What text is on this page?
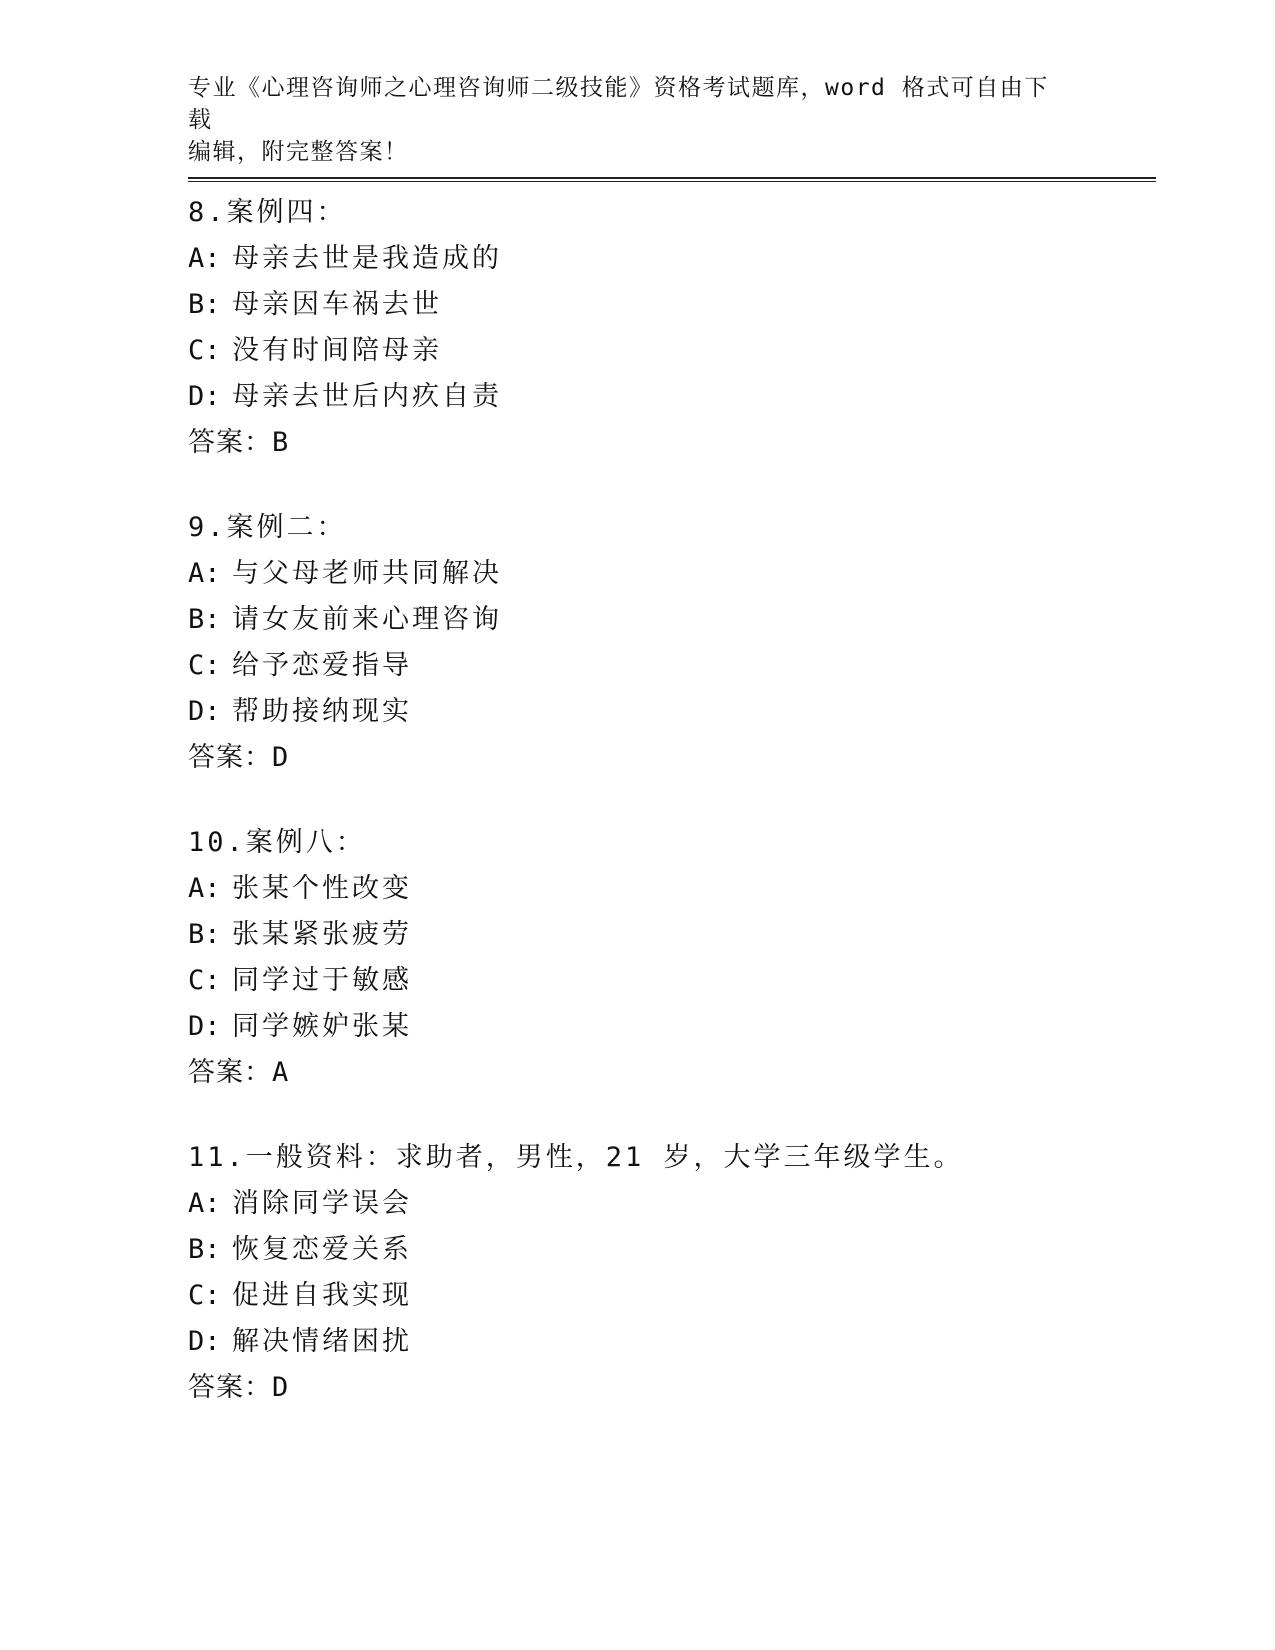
专业《心理咨询师之心理咨询师二级技能》资格考试题库，word 格式可自由下载
编辑，附完整答案！
8.案例四：
A: 母亲去世是我造成的
B: 母亲因车祸去世
C: 没有时间陪母亲
D: 母亲去世后内疚自责
答案：B
9.案例二：
A: 与父母老师共同解决
B: 请女友前来心理咨询
C: 给予恋爱指导
D: 帮助接纳现实
答案：D
10.案例八：
A: 张某个性改变
B: 张某紧张疲劳
C: 同学过于敏感
D: 同学嫉妒张某
答案：A
11.一般资料：求助者，男性，21 岁，大学三年级学生。
A: 消除同学误会
B: 恢复恋爱关系
C: 促进自我实现
D: 解决情绪困扰
答案：D
